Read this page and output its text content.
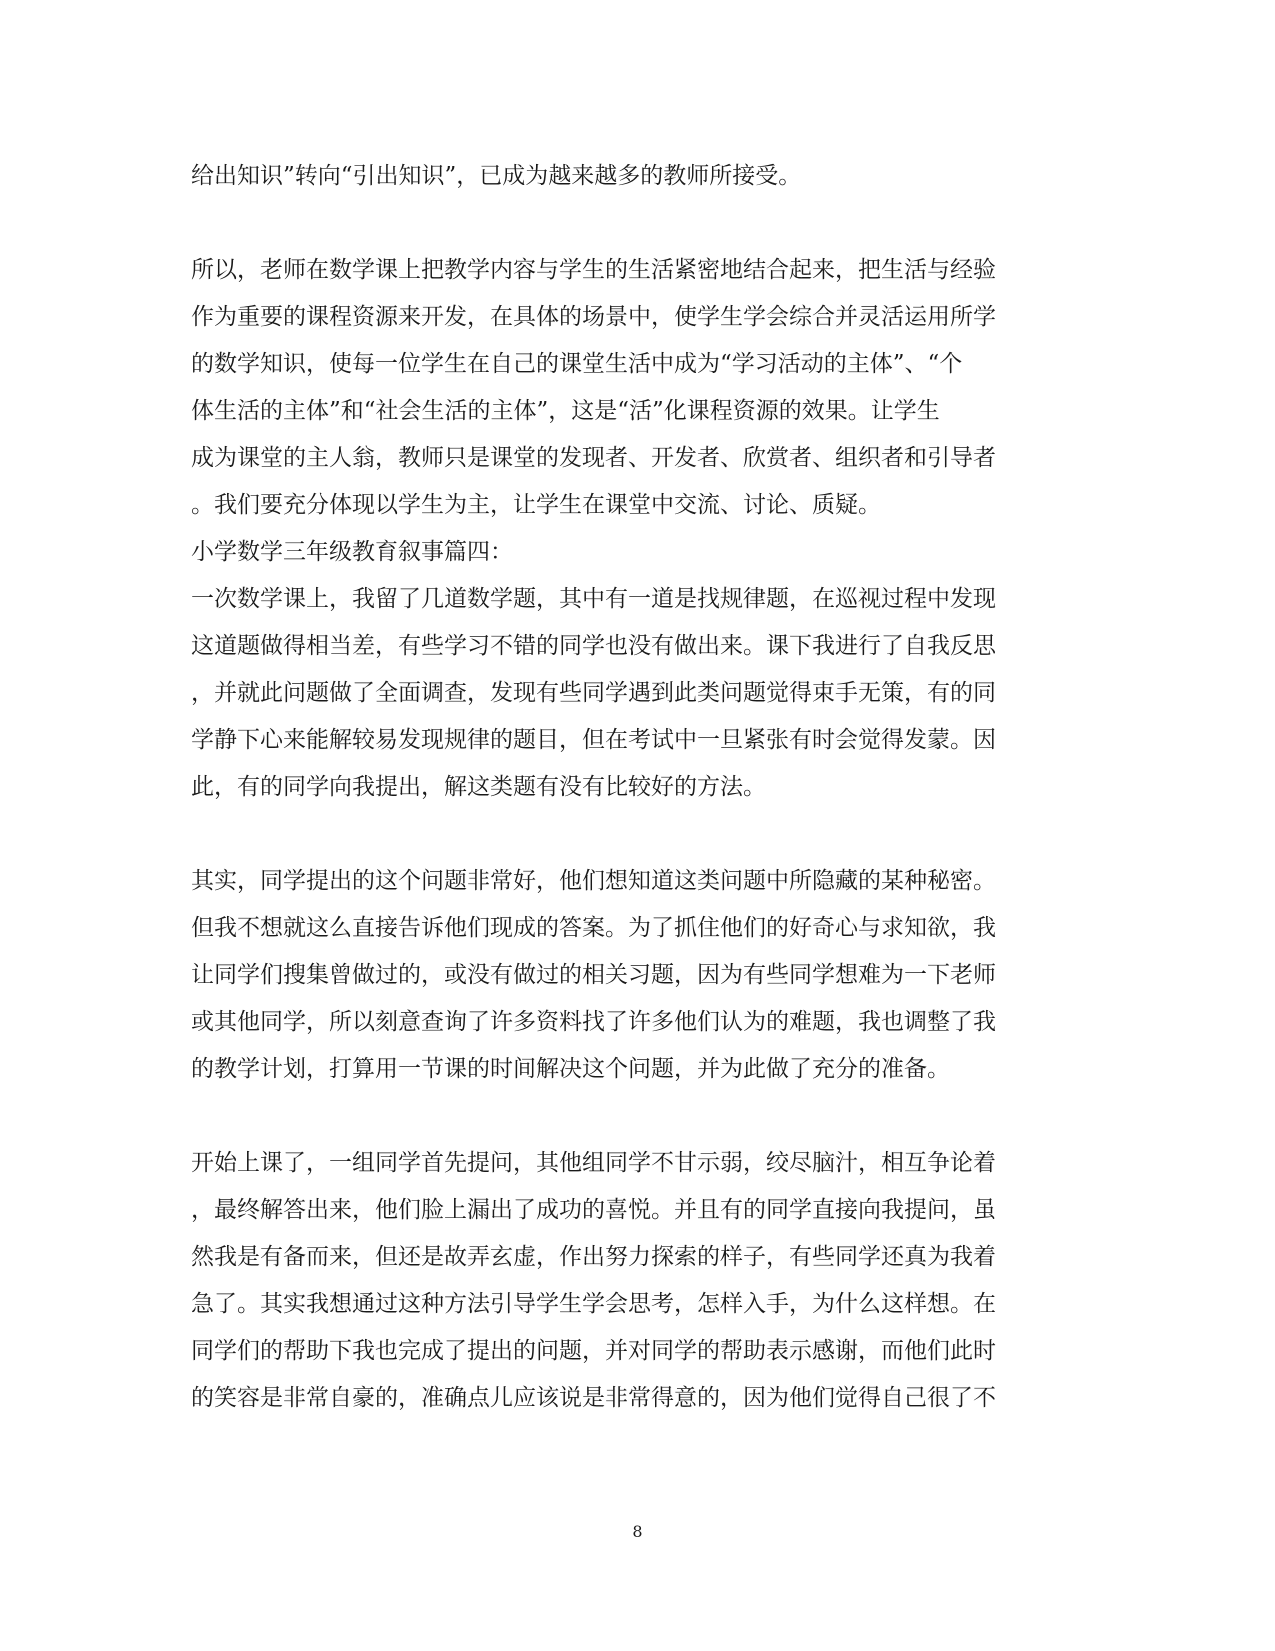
给出知识”转向“引出知识”，已成为越来越多的教师所接受。
所以，老师在数学课上把教学内容与学生的生活紧密地结合起来，把生活与经验
作为重要的课程资源来开发，在具体的场景中，使学生学会综合并灵活运用所学
的数学知识，使每一位学生在自己的课堂生活中成为“学习活动的主体”、“个
体生活的主体”和“社会生活的主体”，这是“活”化课程资源的效果。让学生
成为课堂的主人翁，教师只是课堂的发现者、开发者、欣赏者、组织者和引导者
。我们要充分体现以学生为主，让学生在课堂中交流、讨论、质疑。
小学数学三年级教育叙事篇四：
一次数学课上，我留了几道数学题，其中有一道是找规律题，在巡视过程中发现
这道题做得相当差，有些学习不错的同学也没有做出来。课下我进行了自我反思
，并就此问题做了全面调查，发现有些同学遇到此类问题觉得束手无策，有的同
学静下心来能解较易发现规律的题目，但在考试中一旦紧张有时会觉得发蒙。因
此，有的同学向我提出，解这类题有没有比较好的方法。
其实，同学提出的这个问题非常好，他们想知道这类问题中所隐藏的某种秘密。
但我不想就这么直接告诉他们现成的答案。为了抓住他们的好奇心与求知欲，我
让同学们搜集曾做过的，或没有做过的相关习题，因为有些同学想难为一下老师
或其他同学，所以刻意查询了许多资料找了许多他们认为的难题，我也调整了我
的教学计划，打算用一节课的时间解决这个问题，并为此做了充分的准备。
开始上课了，一组同学首先提问，其他组同学不甘示弱，绞尽脑汁，相互争论着
，最终解答出来，他们脸上漏出了成功的喜悦。并且有的同学直接向我提问，虽
然我是有备而来，但还是故弄玄虚，作出努力探索的样子，有些同学还真为我着
急了。其实我想通过这种方法引导学生学会思考，怎样入手，为什么这样想。在
同学们的帮助下我也完成了提出的问题，并对同学的帮助表示感谢，而他们此时
的笑容是非常自豪的，准确点儿应该说是非常得意的，因为他们觉得自己很了不
8
